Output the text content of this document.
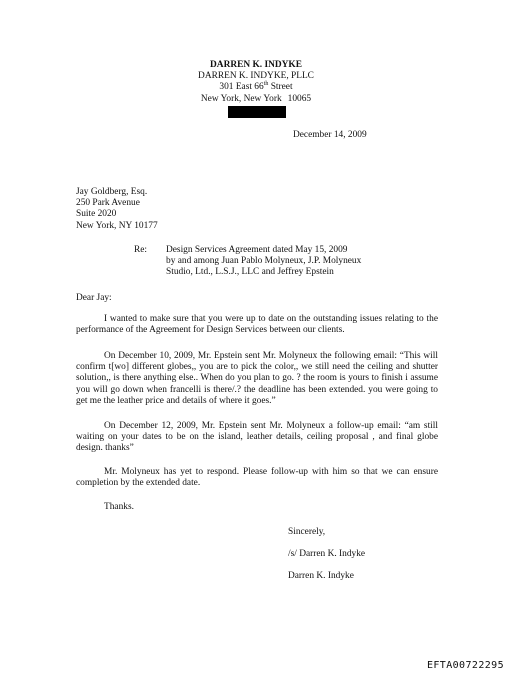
DARREN K. INDYKE
DARREN K. INDYKE, PLLC
301 East 66th Street
New York, New York 10065
December 14, 2009
Jay Goldberg, Esq.
250 Park Avenue
Suite 2020
New York, NY 10177
Re: Design Services Agreement dated May 15, 2009
by and among Juan Pablo Molyneux, J.P. Molyneux
Studio, Ltd., L.S.J., LLC and Jeffrey Epstein
Dear Jay:
I wanted to make sure that you were up to date on the outstanding issues relating to the performance of the Agreement for Design Services between our clients.
On December 10, 2009, Mr. Epstein sent Mr. Molyneux the following email: “This will confirm t[wo] different globes,, you are to pick the color,, we still need the ceiling and shutter solution,, is there anything else.. When do you plan to go. ? the room is yours to finish i assume you will go down when francelli is there/.? the deadline has been extended. you were going to get me the leather price and details of where it goes.”
On December 12, 2009, Mr. Epstein sent Mr. Molyneux a follow-up email: “am still waiting on your dates to be on the island, leather details, ceiling proposal , and final globe design. thanks”
Mr. Molyneux has yet to respond. Please follow-up with him so that we can ensure completion by the extended date.
Thanks.
Sincerely,
/s/ Darren K. Indyke
Darren K. Indyke
EFTA00722295
